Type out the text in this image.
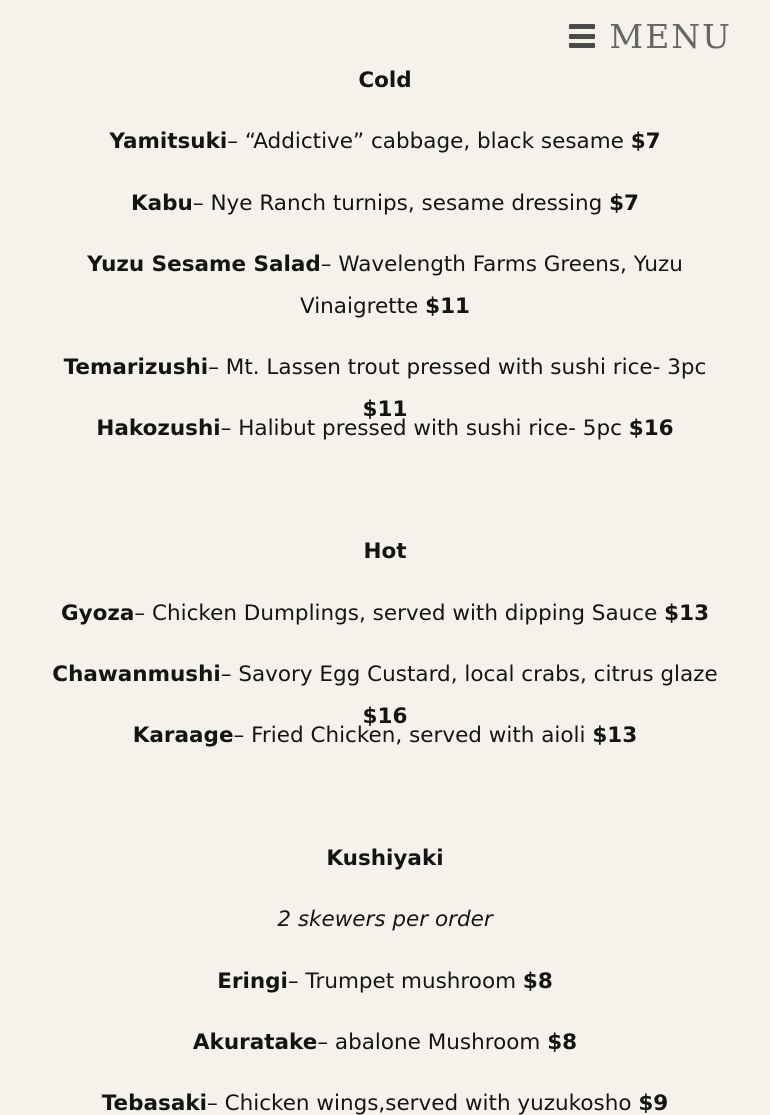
MENU
Cold

Yamitsuki– “Addictive” cabbage, black sesame $7

Kabu– Nye Ranch turnips, sesame dressing $7

Yuzu Sesame Salad– Wavelength Farms Greens, Yuzu Vinaigrette $11

Temarizushi– Mt. Lassen trout pressed with sushi rice- 3pc $11

Hakozushi– Halibut pressed with sushi rice- 5pc $16

Hot

Gyoza– Chicken Dumplings, served with dipping Sauce $13

Chawanmushi– Savory Egg Custard, local crabs, citrus glaze $16

Karaage– Fried Chicken, served with aioli $13

Kushiyaki

2 skewers per order

Eringi– Trumpet mushroom $8

Akuratake– abalone Mushroom $8

Tebasaki– Chicken wings,served with yuzukosho $9
